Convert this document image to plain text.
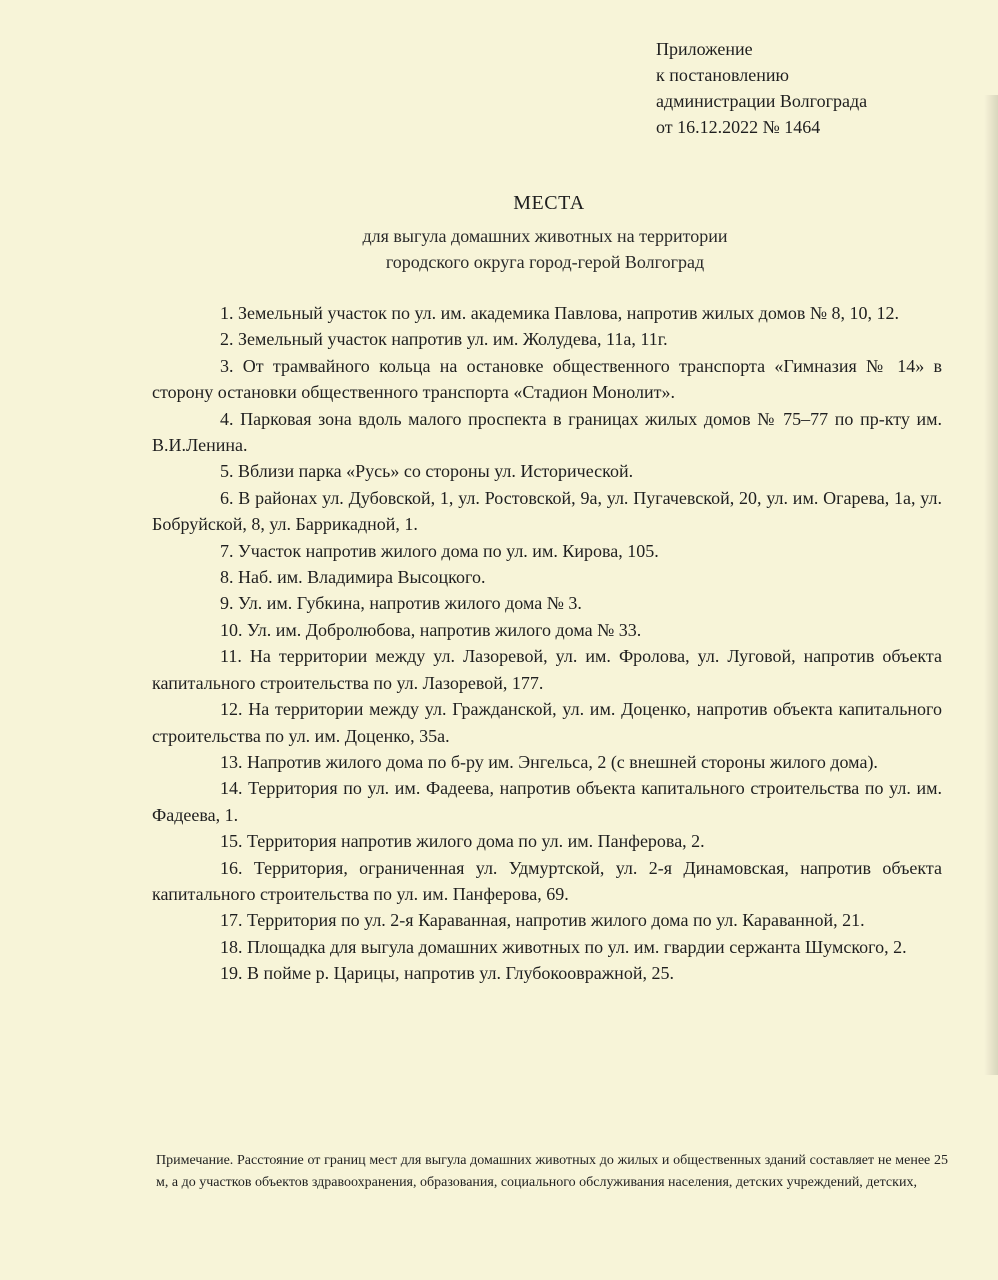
Приложение
к постановлению
администрации Волгограда
от 16.12.2022 № 1464
МЕСТА
для выгула домашних животных на территории
городского округа город-герой Волгоград

1. Земельный участок по ул. им. академика Павлова, напротив жилых домов № 8, 10, 12.

2. Земельный участок напротив ул. им. Жолудева, 11а, 11г.

3. От трамвайного кольца на остановке общественного транспорта «Гимназия № 14» в сторону остановки общественного транспорта «Стадион Монолит».

4. Парковая зона вдоль малого проспекта в границах жилых домов № 75–77 по пр-кту им. В.И.Ленина.

5. Вблизи парка «Русь» со стороны ул. Исторической.

6. В районах ул. Дубовской, 1, ул. Ростовской, 9а, ул. Пугачевской, 20, ул. им. Огарева, 1а, ул. Бобруйской, 8, ул. Баррикадной, 1.

7. Участок напротив жилого дома по ул. им. Кирова, 105.

8. Наб. им. Владимира Высоцкого.

9. Ул. им. Губкина, напротив жилого дома № 3.

10. Ул. им. Добролюбова, напротив жилого дома № 33.

11. На территории между ул. Лазоревой, ул. им. Фролова, ул. Луговой, напротив объекта капитального строительства по ул. Лазоревой, 177.

12. На территории между ул. Гражданской, ул. им. Доценко, напротив объекта капитального строительства по ул. им. Доценко, 35а.

13. Напротив жилого дома по б-ру им. Энгельса, 2 (с внешней стороны жилого дома).

14. Территория по ул. им. Фадеева, напротив объекта капитального строительства по ул. им. Фадеева, 1.

15. Территория напротив жилого дома по ул. им. Панферова, 2.

16. Территория, ограниченная ул. Удмуртской, ул. 2-я Динамовская, напротив объекта капитального строительства по ул. им. Панферова, 69.

17. Территория по ул. 2-я Караванная, напротив жилого дома по ул. Караванной, 21.

18. Площадка для выгула домашних животных по ул. им. гвардии сержанта Шумского, 2.

19. В пойме р. Царицы, напротив ул. Глубокоовражной, 25.

Примечание. Расстояние от границ мест для выгула домашних животных до жилых и общественных зданий составляет не менее 25 м, а до участков объектов здравоохранения, образования, социального обслуживания населения, детских учреждений, детских,
